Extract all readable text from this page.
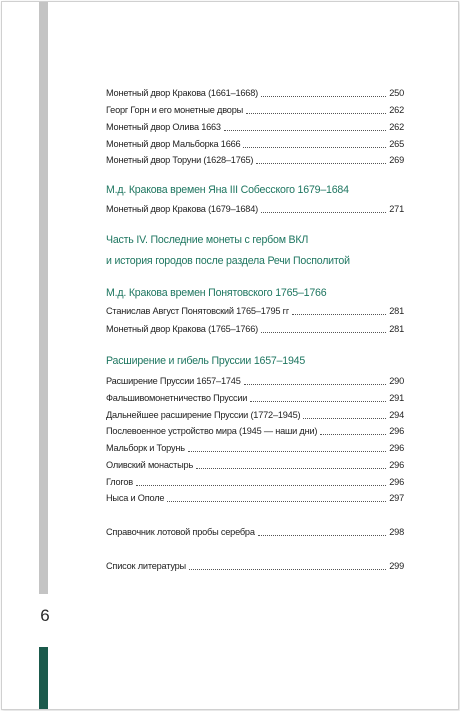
6
Монетный двор Кракова (1661–1668)	250
Георг Горн и его монетные дворы	262
Монетный двор Олива 1663	262
Монетный двор Мальборка 1666	265
Монетный двор Торуни (1628–1765)	269
М.д. Кракова времен Яна III Собесского 1679–1684
Монетный двор Кракова (1679–1684)	271
Часть IV. Последние монеты с гербом ВКЛ
и история городов после раздела Речи Посполитой
М.д. Кракова времен Понятовского 1765–1766
Станислав Август Понятовский 1765–1795 гг	281
Монетный двор Кракова (1765–1766)	281
Расширение и гибель Пруссии 1657–1945
Расширение Пруссии 1657–1745	290
Фальшивомонетничество Пруссии	291
Дальнейшее расширение Пруссии (1772–1945)	294
Послевоенное устройство мира (1945 — наши дни)	296
Мальборк и Торунь	296
Оливский монастырь	296
Глогов	296
Ныса и Ополе	297
Справочник лотовой пробы серебра	298
Список литературы	299
